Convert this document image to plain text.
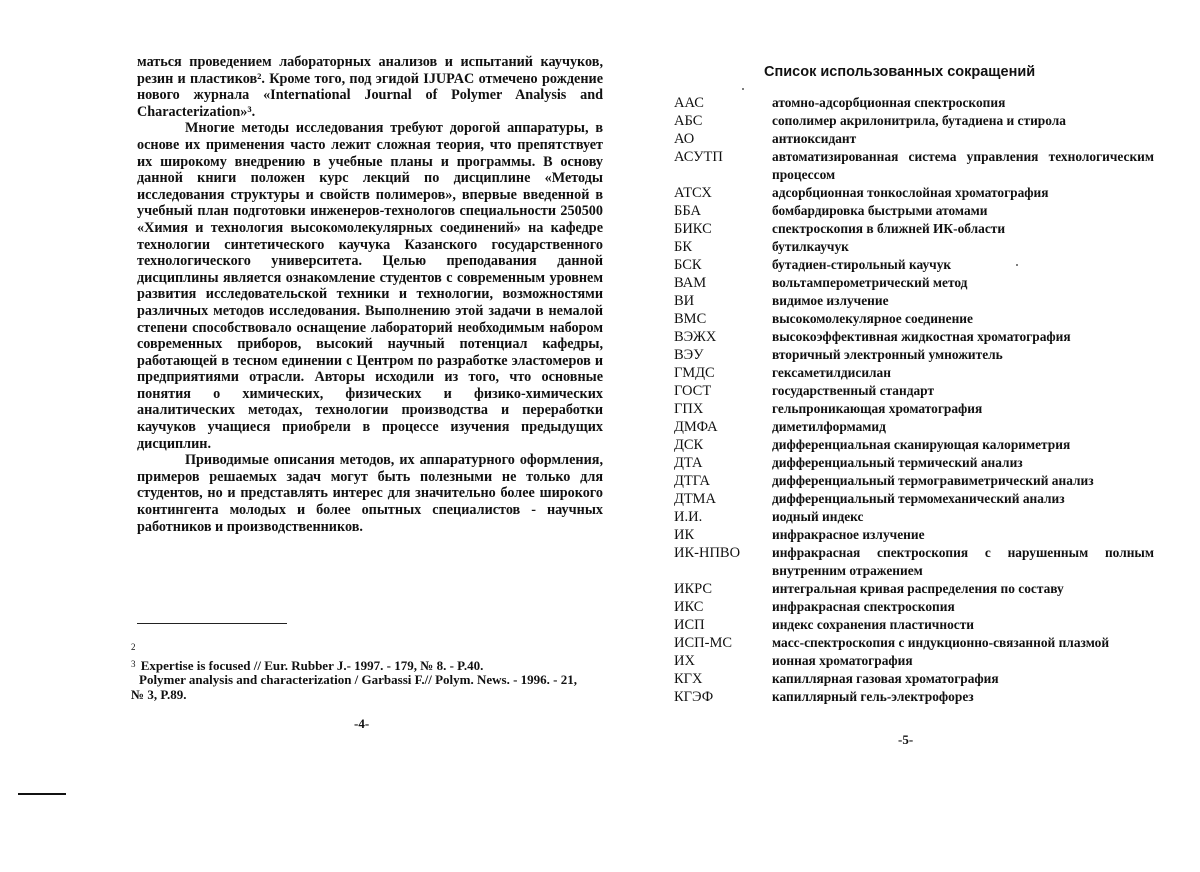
маться проведением лабораторных анализов и испытаний каучуков, резин и пластиков². Кроме того, под эгидой IJUPAC отмечено рождение нового журнала «International Journal of Polymer Analysis and Characterization»³.

Многие методы исследования требуют дорогой аппаратуры, в основе их применения часто лежит сложная теория, что препятствует их широкому внедрению в учебные планы и программы. В основу данной книги положен курс лекций по дисциплине «Методы исследования структуры и свойств полимеров», впервые введенной в учебный план подготовки инженеров-технологов специальности 250500 «Химия и технология высокомолекулярных соединений» на кафедре технологии синтетического каучука Казанского государственного технологического университета. Целью преподавания данной дисциплины является ознакомление студентов с современным уровнем развития исследовательской техники и технологии, возможностями различных методов исследования. Выполнению этой задачи в немалой степени способствовало оснащение лабораторий необходимым набором современных приборов, высокий научный потенциал кафедры, работающей в тесном единении с Центром по разработке эластомеров и предприятиями отрасли. Авторы исходили из того, что основные понятия о химических, физических и физико-химических аналитических методах, технологии производства и переработки каучуков учащиеся приобрели в процессе изучения предыдущих дисциплин.

Приводимые описания методов, их аппаратурного оформления, примеров решаемых задач могут быть полезными не только для студентов, но и представлять интерес для значительно более широкого контингента молодых и более опытных специалистов - научных работников и производственников.

$^2$
$^3$ Expertise is focused // Eur. Rubber J.- 1997. - 179, № 8. - P.40.
Polymer analysis and characterization / Garbassi F.// Polym. News. - 1996. - 21,
№ 3, P.89.
-4-
Список использованных сокращений
ААС	атомно-адсорбционная спектроскопия
АБС	сополимер акрилонитрила, бутадиена и стирола
АО	антиоксидант
АСУТП	автоматизированная система управления технологическим процессом
АТСХ	адсорбционная тонкослойная хроматография
ББА	бомбардировка быстрыми атомами
БИКС	спектроскопия в ближней ИК-области
БК	бутилкаучук
БСК	бутадиен-стирольный каучук
ВАМ	вольтамперометрический метод
ВИ	видимое излучение
ВМС	высокомолекулярное соединение
ВЭЖХ	высокоэффективная жидкостная хроматография
ВЭУ	вторичный электронный умножитель
ГМДС	гексаметилдисилан
ГОСТ	государственный стандарт
ГПХ	гельпроникающая хроматография
ДМФА	диметилформамид
ДСК	дифференциальная сканирующая калориметрия
ДТА	дифференциальный термический анализ
ДТГА	дифференциальный термогравиметрический анализ
ДТМА	дифференциальный термомеханический анализ
И.И.	иодный индекс
ИК	инфракрасное излучение
ИК-НПВО	инфракрасная спектроскопия с нарушенным полным внутренним отражением
ИКРС	интегральная кривая распределения по составу
ИКС	инфракрасная спектроскопия
ИСП	индекс сохранения пластичности
ИСП-МС	масс-спектроскопия с индукционно-связанной плазмой
ИХ	ионная хроматография
КГХ	капиллярная газовая хроматография
КГЭФ	капиллярный гель-электрофорез
-5-
